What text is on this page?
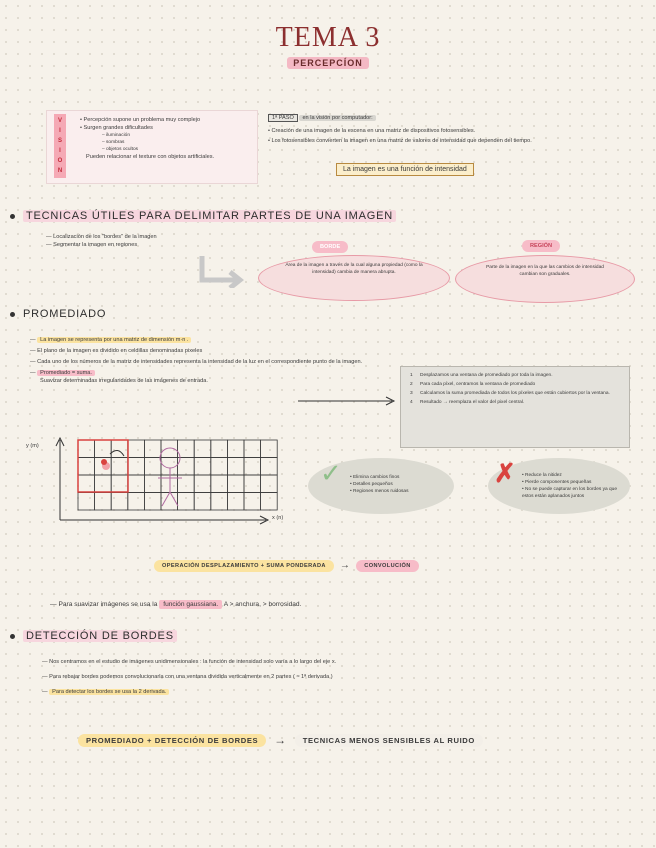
TEMA 3
PERCEPCÍON
V
I
S
I
O
N
• Percepción supone un problema muy complejo
• Surgen grandes dificultades
– iluminación
– sombras
– objetos ocultos
Pueden relacionar el texture con objetos artificiales.
1ª PASO en la visión por computador:
• Creación de una imagen de la escena en una matriz de dispositivos fotosensibles.
• Los fotosensibles convierten la imagen en una matriz de valores de intensidad que dependen del tiempo.
La imagen es una función de intensidad
TECNICAS ÚTILES PARA DELIMITAR PARTES DE UNA IMAGEN
— Localización de los "bordes" de la imagen
— Segmentar la imagen en regiones	BORDE
Área de la imagen a través de la cual alguna propiedad (como la intensidad) cambia de manera abrupta.
REGIÓN
Parte de la imagen en la que las cambios de intensidad cambian son graduales.
PROMEDIADO
— La imagen se representa por una matriz de dimensión m·n .
— El plano de la imagen es dividido en celdillas denominadas pixeles
— Cada uno de los números de la matriz de intensidades representa la intensidad de la luz en el correspondiente punto de la imagen.
— Promediado = suma.
Suavizar determinadas irregularidades de las imágenes de entrada.
1	Desplazamos una ventana de promediado por toda la imagen.
2	Para cada píxel, centramos la ventana de promediado
3	Calculamos la suma promediada de todos los píxeles que están cubiertos por la ventana.
4	Resultado → reemplaza el valor del pixel central.
y (m)
x (n)
✓ • Elimina cambios finos
• Detalles pequeños
• Regiones menos ruidosas
✗ • Reduce la nitidez
• Pierde componentes pequeñas
• No se puede capturar en los bordes ya que estos están aplanados juntos
OPERACIÓN DESPLAZAMIENTO + SUMA PONDERADA	→	CONVOLUCIÓN
— Para suavizar imágenes se usa la función gaussiana. A > anchura, > borrosidad.
DETECCIÓN DE BORDES
— Nos centramos en el estudio de imágenes unidimensionales : la función de intensidad solo varía a lo largo del eje x.
— Para rebajar bordes podemos convolucionarla con una ventana dividida verticalmente en 2 partes ( ≈ 1ª derivada )
— Para detectar los bordes se usa la 2 derivada.
PROMEDIADO + DETECCIÓN DE BORDES	→	TECNICAS MENOS SENSIBLES AL RUIDO
